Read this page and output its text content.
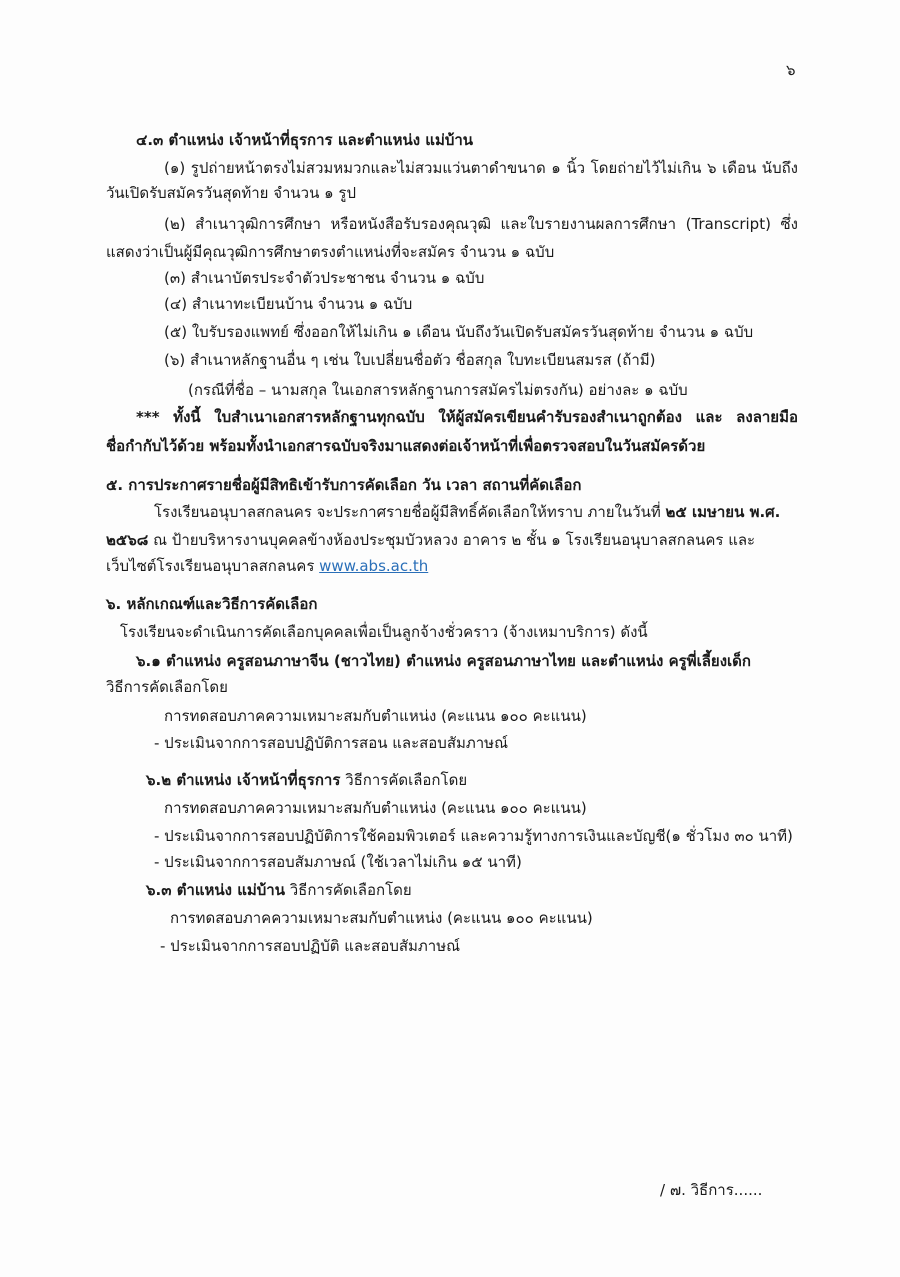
๖
๔.๓ ตำแหน่ง เจ้าหน้าที่ธุรการ และตำแหน่ง แม่บ้าน
(๑) รูปถ่ายหน้าตรงไม่สวมหมวกและไม่สวมแว่นตาดำขนาด ๑ นิ้ว โดยถ่ายไว้ไม่เกิน ๖ เดือน นับถึง
วันเปิดรับสมัครวันสุดท้าย จำนวน ๑ รูป
(๒) สำเนาวุฒิการศึกษา หรือหนังสือรับรองคุณวุฒิ และใบรายงานผลการศึกษา (Transcript) ซึ่ง
แสดงว่าเป็นผู้มีคุณวุฒิการศึกษาตรงตำแหน่งที่จะสมัคร จำนวน ๑ ฉบับ
(๓) สำเนาบัตรประจำตัวประชาชน จำนวน ๑ ฉบับ
(๔) สำเนาทะเบียนบ้าน จำนวน ๑ ฉบับ
(๕) ใบรับรองแพทย์ ซึ่งออกให้ไม่เกิน ๑ เดือน นับถึงวันเปิดรับสมัครวันสุดท้าย จำนวน ๑ ฉบับ
(๖) สำเนาหลักฐานอื่น ๆ เช่น ใบเปลี่ยนชื่อตัว ชื่อสกุล ใบทะเบียนสมรส (ถ้ามี)
(กรณีที่ชื่อ – นามสกุล ในเอกสารหลักฐานการสมัครไม่ตรงกัน) อย่างละ ๑ ฉบับ
*** ทั้งนี้ ใบสำเนาเอกสารหลักฐานทุกฉบับ ให้ผู้สมัครเขียนคำรับรองสำเนาถูกต้อง และ ลงลายมือ
ชื่อกำกับไว้ด้วย พร้อมทั้งนำเอกสารฉบับจริงมาแสดงต่อเจ้าหน้าที่เพื่อตรวจสอบในวันสมัครด้วย
๕. การประกาศรายชื่อผู้มีสิทธิเข้ารับการคัดเลือก วัน เวลา สถานที่คัดเลือก
โรงเรียนอนุบาลสกลนคร จะประกาศรายชื่อผู้มีสิทธิ์คัดเลือกให้ทราบ ภายในวันที่ ๒๕ เมษายน พ.ศ.
๒๕๖๘ ณ ป้ายบริหารงานบุคคลข้างห้องประชุมบัวหลวง อาคาร ๒ ชั้น ๑ โรงเรียนอนุบาลสกลนคร และ
เว็บไซต์โรงเรียนอนุบาลสกลนคร www.abs.ac.th
๖. หลักเกณฑ์และวิธีการคัดเลือก
โรงเรียนจะดำเนินการคัดเลือกบุคคลเพื่อเป็นลูกจ้างชั่วคราว (จ้างเหมาบริการ) ดังนี้
๖.๑ ตำแหน่ง ครูสอนภาษาจีน (ชาวไทย) ตำแหน่ง ครูสอนภาษาไทย และตำแหน่ง ครูพี่เลี้ยงเด็ก
วิธีการคัดเลือกโดย
การทดสอบภาคความเหมาะสมกับตำแหน่ง (คะแนน ๑๐๐ คะแนน)
- ประเมินจากการสอบปฏิบัติการสอน และสอบสัมภาษณ์
๖.๒ ตำแหน่ง เจ้าหน้าที่ธุรการ วิธีการคัดเลือกโดย
การทดสอบภาคความเหมาะสมกับตำแหน่ง (คะแนน ๑๐๐ คะแนน)
- ประเมินจากการสอบปฏิบัติการใช้คอมพิวเตอร์ และความรู้ทางการเงินและบัญชี(๑ ชั่วโมง ๓๐ นาที)
- ประเมินจากการสอบสัมภาษณ์ (ใช้เวลาไม่เกิน ๑๕ นาที)
๖.๓ ตำแหน่ง แม่บ้าน วิธีการคัดเลือกโดย
การทดสอบภาคความเหมาะสมกับตำแหน่ง (คะแนน ๑๐๐ คะแนน)
- ประเมินจากการสอบปฏิบัติ และสอบสัมภาษณ์
/ ๗. วิธีการ......
